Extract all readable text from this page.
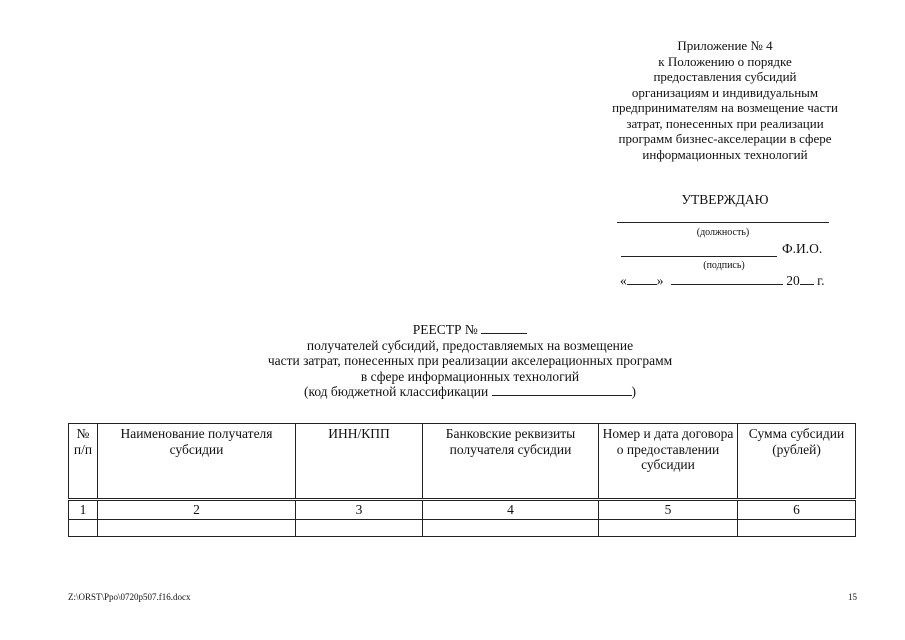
Приложение № 4
к Положению о порядке
предоставления субсидий
организациям и индивидуальным
предпринимателям на возмещение части
затрат, понесенных при реализации
программ бизнес-акселерации в сфере
информационных технологий
УТВЕРЖДАЮ
(должность)
Ф.И.О.
(подпись)
« »	20 г.
РЕЕСТР №
получателей субсидий, предоставляемых на возмещение
части затрат, понесенных при реализации акселерационных программ
в сфере информационных технологий
(код бюджетной классификации	)
№ п/п	Наименование получателя субсидии	ИНН/КПП	Банковские реквизиты получателя субсидии	Номер и дата договора о предоставлении субсидии	Сумма субсидии (рублей)
1	2	3	4	5	6

Z:\ORST\Ppo\0720p507.f16.docx	15
